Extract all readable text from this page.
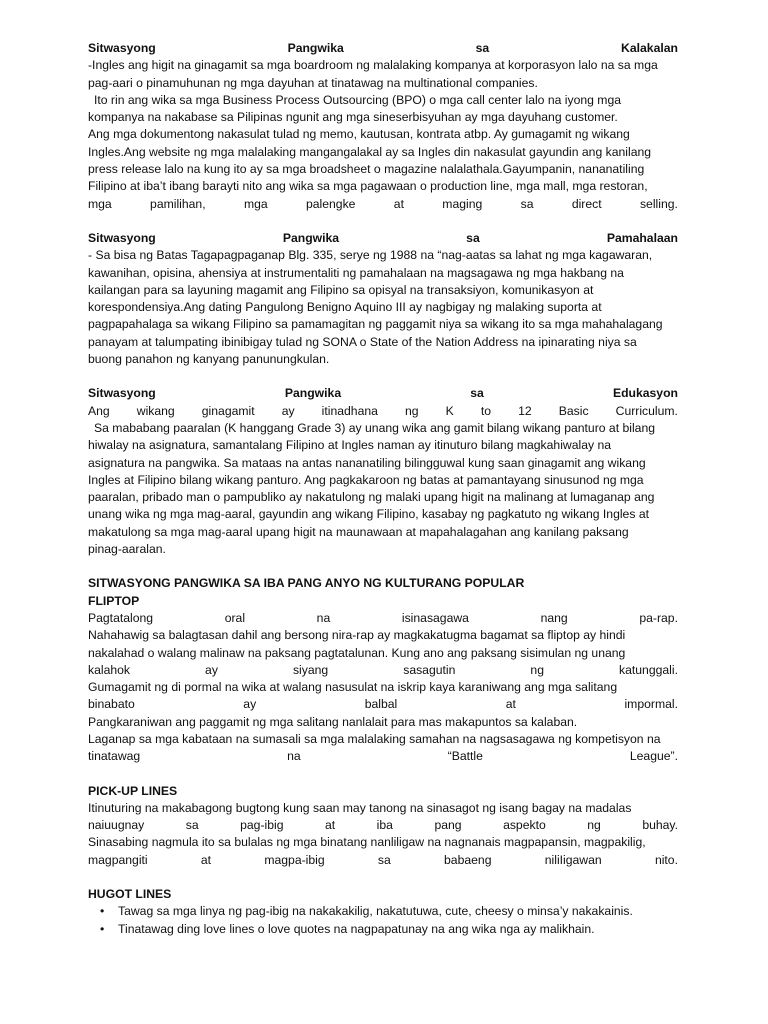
Sitwasyong	Pangwika	sa	Kalakalan
-Ingles ang higit na ginagamit sa mga boardroom ng malalaking kompanya at korporasyon lalo na sa mga
pag-aari o pinamuhunan ng mga dayuhan at tinatawag na multinational companies.
Ito rin ang wika sa mga Business Process Outsourcing (BPO) o mga call center lalo na iyong mga
kompanya na nakabase sa Pilipinas ngunit ang mga sineserbisyuhan ay mga dayuhang customer.
Ang mga dokumentong nakasulat tulad ng memo, kautusan, kontrata atbp. Ay gumagamit ng wikang
Ingles.Ang website ng mga malalaking mangangalakal ay sa Ingles din nakasulat gayundin ang kanilang
press release lalo na kung ito ay sa mga broadsheet o magazine nalalathala.Gayumpanin, nananatiling
Filipino at iba’t ibang barayti nito ang wika sa mga pagawaan o production line, mga mall, mga restoran,
mga	pamilihan,	mga	palengke	at	maging	sa	direct	selling.
Sitwasyong	Pangwika	sa	Pamahalaan
- Sa bisa ng Batas Tagapagpaganap Blg. 335, serye ng 1988 na “nag-aatas sa lahat ng mga kagawaran,
kawanihan, opisina, ahensiya at instrumentaliti ng pamahalaan na magsagawa ng mga hakbang na
kailangan para sa layuning magamit ang Filipino sa opisyal na transaksiyon, komunikasyon at
korespondensiya.Ang dating Pangulong Benigno Aquino III ay nagbigay ng malaking suporta at
pagpapahalaga sa wikang Filipino sa pamamagitan ng paggamit niya sa wikang ito sa mga mahahalagang
panayam at talumpating ibinibigay tulad ng SONA o State of the Nation Address na ipinarating niya sa
buong panahon ng kanyang panunungkulan.
Sitwasyong	Pangwika	sa	Edukasyon
Ang wikang ginagamit ay itinadhana ng K to 12 Basic Curriculum.
Sa mababang paaralan (K hanggang Grade 3) ay unang wika ang gamit bilang wikang panturo at bilang
hiwalay na asignatura, samantalang Filipino at Ingles naman ay itinuturo bilang magkahiwalay na
asignatura na pangwika. Sa mataas na antas nananatiling bilingguwal kung saan ginagamit ang wikang
Ingles at Filipino bilang wikang panturo. Ang pagkakaroon ng batas at pamantayang sinusunod ng mga
paaralan, pribado man o pampubliko ay nakatulong ng malaki upang higit na malinang at lumaganap ang
unang wika ng mga mag-aaral, gayundin ang wikang Filipino, kasabay ng pagkatuto ng wikang Ingles at
makatulong sa mga mag-aaral upang higit na maunawaan at mapahalagahan ang kanilang paksang
pinag-aaralan.
SITWASYONG PANGWIKA SA IBA PANG ANYO NG KULTURANG POPULAR
FLIPTOP
Pagtatalong	oral	na	isinasagawa	nang	pa-rap.
Nahahawig sa balagtasan dahil ang bersong nira-rap ay magkakatugma bagamat sa fliptop ay hindi
nakalahad o walang malinaw na paksang pagtatalunan. Kung ano ang paksang sisimulan ng unang
kalahok	ay	siyang	sasagutin	ng	katunggali.
Gumagamit ng di pormal na wika at walang nasusulat na iskrip kaya karaniwang ang mga salitang
binabato	ay	balbal	at	impormal.
Pangkaraniwan ang paggamit ng mga salitang nanlalait para mas makapuntos sa kalaban.
Laganap sa mga kabataan na sumasali sa mga malalaking samahan na nagsasagawa ng kompetisyon na
tinatawag	na	“Battle	League”.
PICK-UP LINES
Itinuturing na makabagong bugtong kung saan may tanong na sinasagot ng isang bagay na madalas
naiuugnay	sa	pag-ibig	at	iba	pang	aspekto	ng	buhay.
Sinasabing nagmula ito sa bulalas ng mga binatang nanliligaw na nagnanais magpapansin, magpakilig,
magpangiti	at	magpa-ibig	sa	babaeng	niliIigawan	nito.
HUGOT LINES
• Tawag sa mga linya ng pag-ibig na nakakakilig, nakatutuwa, cute, cheesy o minsa’y nakakainis.
• Tinatawag ding love lines o love quotes na nagpapatunay na ang wika nga ay malikhain.
